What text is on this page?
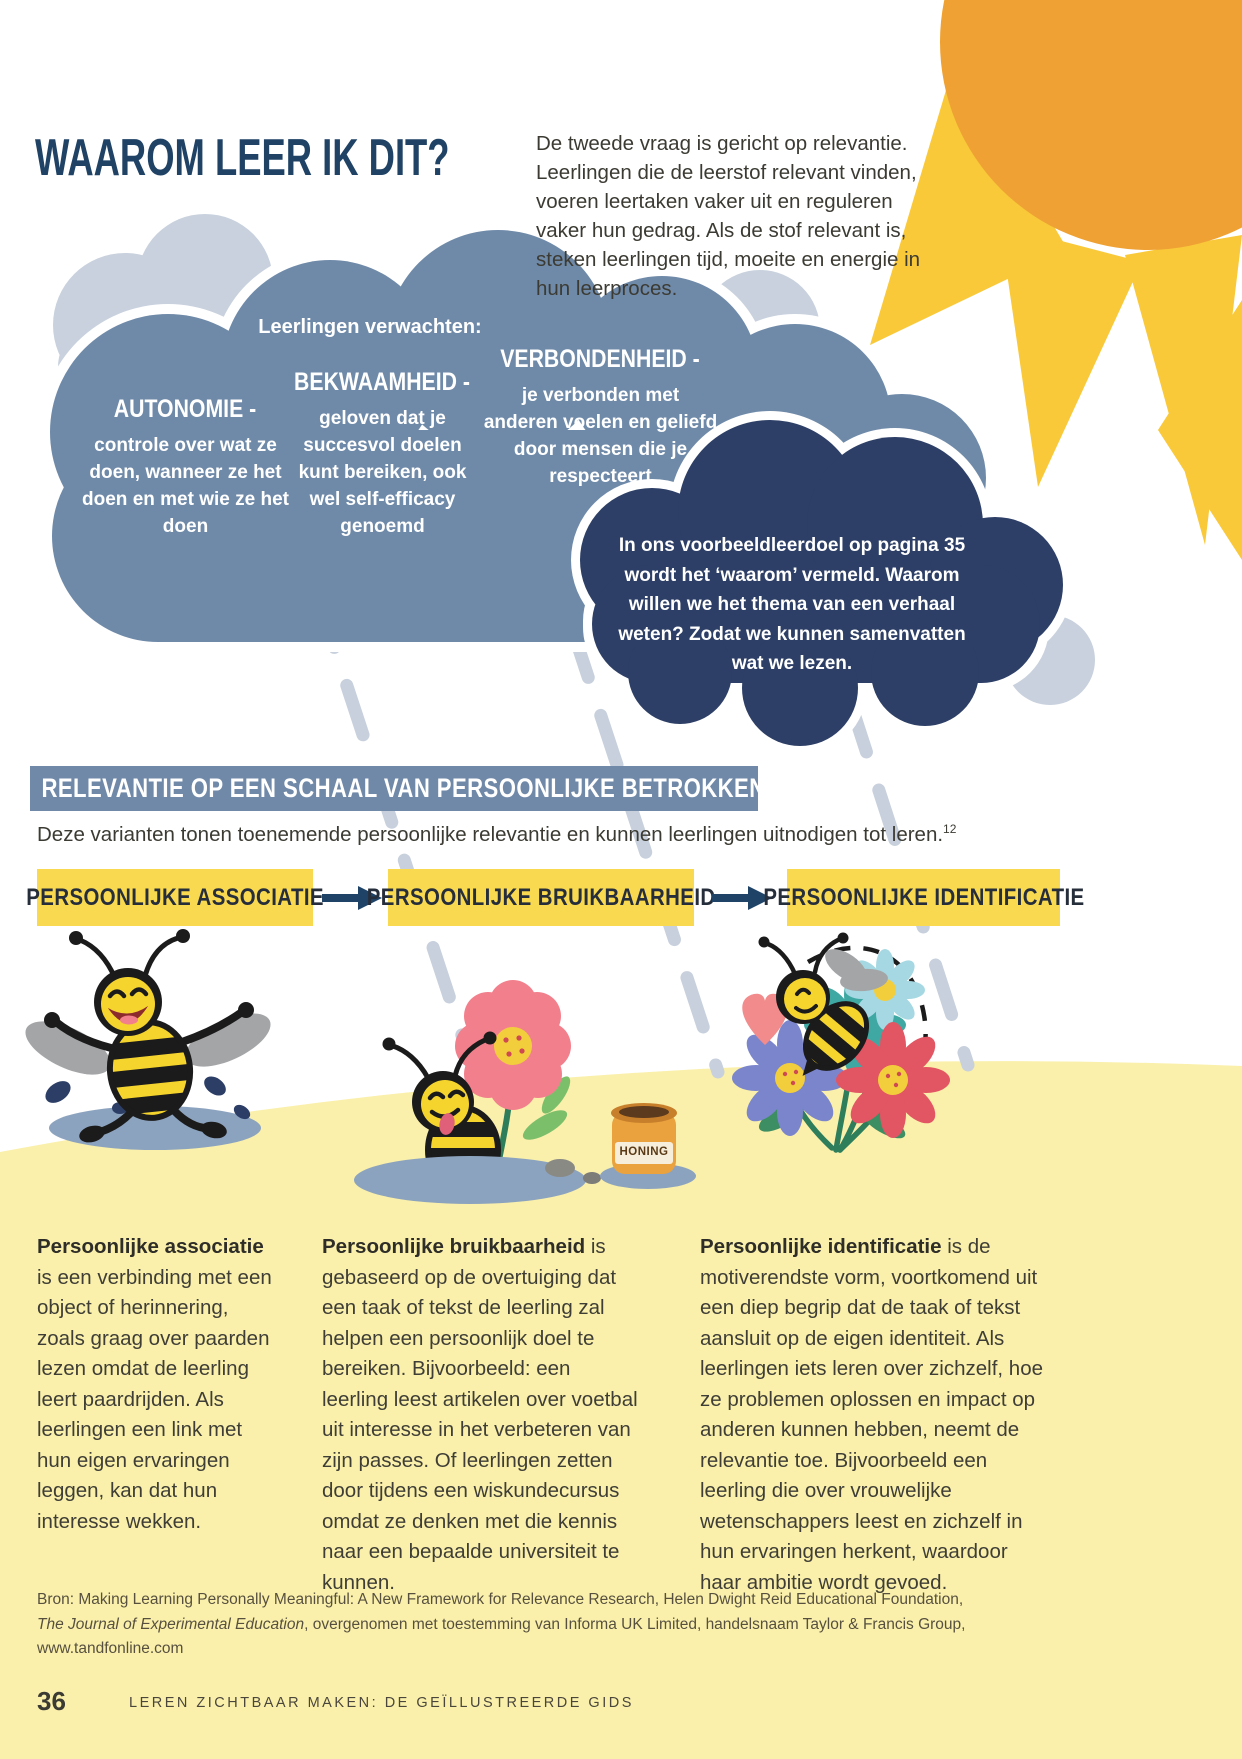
WAAROM LEER IK DIT?	De tweede vraag is gericht op relevantie. Leerlingen die de leerstof relevant vinden, voeren leertaken vaker uit en reguleren vaker hun gedrag. Als de stof relevant is, steken leerlingen tijd, moeite en energie in hun leerproces.
Leerlingen verwachten:
AUTONOMIE -
controle over wat ze doen, wanneer ze het doen en met wie ze het doen
BEKWAAMHEID -
geloven dat je succesvol doelen kunt bereiken, ook wel self-efficacy genoemd
VERBONDENHEID -
je verbonden met anderen voelen en geliefd door mensen die je respecteert
In ons voorbeeldleerdoel op pagina 35 wordt het ‘waarom’ vermeld. Waarom willen we het thema van een verhaal weten? Zodat we kunnen samenvatten wat we lezen.
RELEVANTIE OP EEN SCHAAL VAN PERSOONLIJKE BETROKKENHEID
Deze varianten tonen toenemende persoonlijke relevantie en kunnen leerlingen uitnodigen tot leren.$^{12}$
PERSOONLIJKE ASSOCIATIE PERSOONLIJKE BRUIKBAARHEID PERSOONLIJKE IDENTIFICATIE
HONING
Persoonlijke associatie is een verbinding met een object of herinnering, zoals graag over paarden lezen omdat de leerling leert paardrijden. Als leerlingen een link met hun eigen ervaringen leggen, kan dat hun interesse wekken.
Persoonlijke bruikbaarheid is gebaseerd op de overtuiging dat een taak of tekst de leerling zal helpen een persoonlijk doel te bereiken. Bijvoorbeeld: een leerling leest artikelen over voetbal uit interesse in het verbeteren van zijn passes. Of leerlingen zetten door tijdens een wiskundecursus omdat ze denken met die kennis naar een bepaalde universiteit te kunnen.
Persoonlijke identificatie is de motiverendste vorm, voortkomend uit een diep begrip dat de taak of tekst aansluit op de eigen identiteit. Als leerlingen iets leren over zichzelf, hoe ze problemen oplossen en impact op anderen kunnen hebben, neemt de relevantie toe. Bijvoorbeeld een leerling die over vrouwelijke wetenschappers leest en zichzelf in hun ervaringen herkent, waardoor haar ambitie wordt gevoed.
Bron: Making Learning Personally Meaningful: A New Framework for Relevance Research, Helen Dwight Reid Educational Foundation, The Journal of Experimental Education, overgenomen met toestemming van Informa UK Limited, handelsnaam Taylor & Francis Group, www.tandfonline.com
36	LEREN ZICHTBAAR MAKEN: DE GEÏLLUSTREERDE GIDS
